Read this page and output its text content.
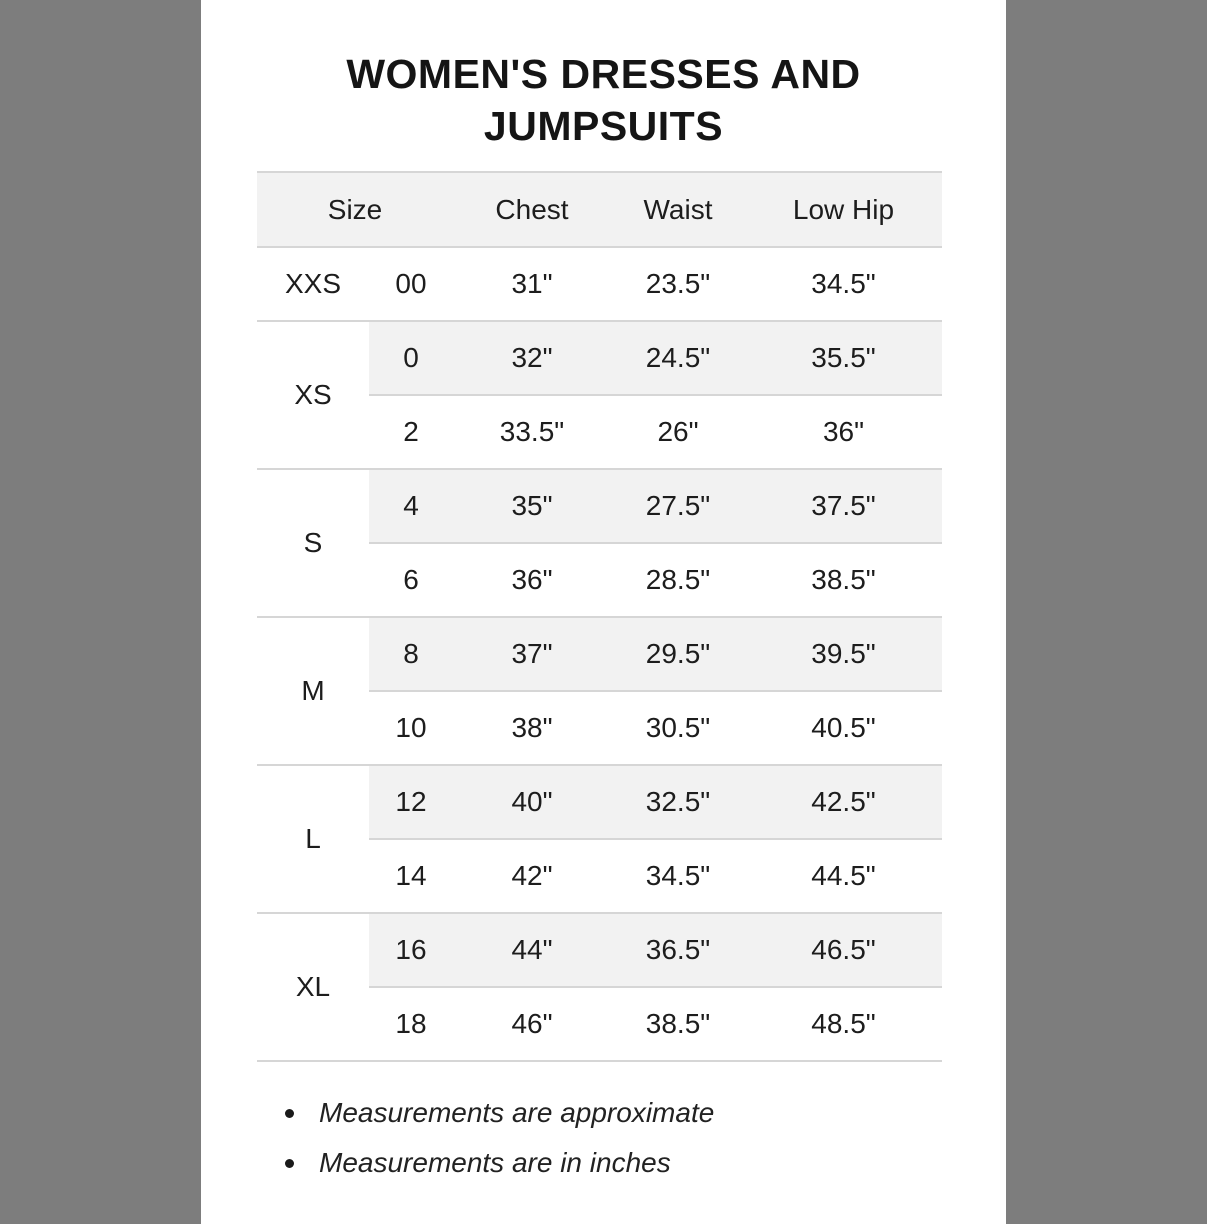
WOMEN'S DRESSES AND
JUMPSUITS
Size	Chest	Waist	Low Hip
XXS	00	31"	23.5"	34.5"
XS
0	32"	24.5"	35.5"
2	33.5"	26"	36"
S
4	35"	27.5"	37.5"
6	36"	28.5"	38.5"
M
8	37"	29.5"	39.5"
10	38"	30.5"	40.5"
L
12	40"	32.5"	42.5"
14	42"	34.5"	44.5"
XL
16	44"	36.5"	46.5"
18	46"	38.5"	48.5"
Measurements are approximate
Measurements are in inches
